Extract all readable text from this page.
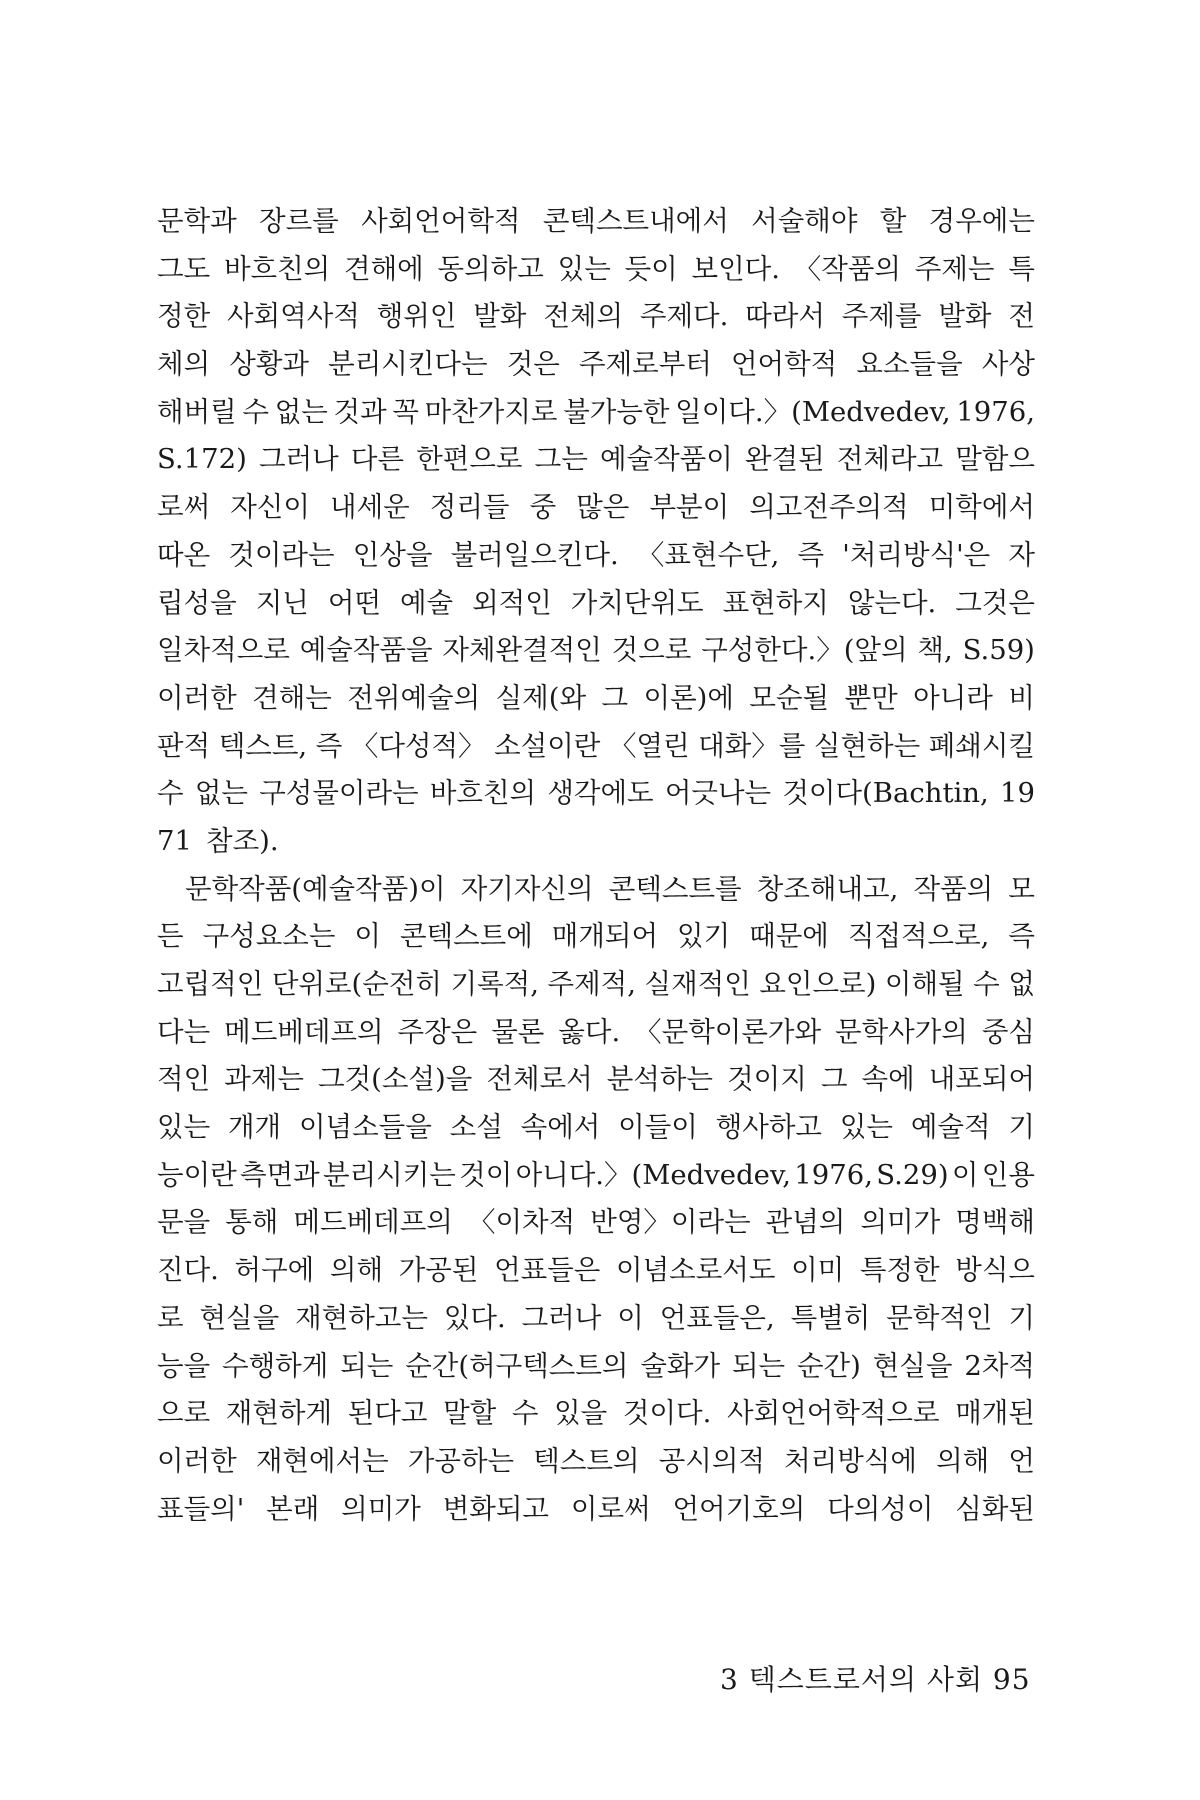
문학과 장르를 사회언어학적 콘텍스트내에서 서술해야 할 경우에는
그도 바흐친의 견해에 동의하고 있는 듯이 보인다. 〈작품의 주제는 특
정한 사회역사적 행위인 발화 전체의 주제다. 따라서 주제를 발화 전
체의 상황과 분리시킨다는 것은 주제로부터 언어학적 요소들을 사상
해버릴 수 없는 것과 꼭 마찬가지로 불가능한 일이다.〉(Medvedev, 1976,
S.172) 그러나 다른 한편으로 그는 예술작품이 완결된 전체라고 말함으
로써 자신이 내세운 정리들 중 많은 부분이 의고전주의적 미학에서
따온 것이라는 인상을 불러일으킨다. 〈표현수단, 즉 '처리방식'은 자
립성을 지닌 어떤 예술 외적인 가치단위도 표현하지 않는다. 그것은
일차적으로 예술작품을 자체완결적인 것으로 구성한다.〉(앞의 책, S.59)
이러한 견해는 전위예술의 실제(와 그 이론)에 모순될 뿐만 아니라 비
판적 텍스트, 즉 〈다성적〉 소설이란 〈열린 대화〉를 실현하는 폐쇄시킬
수 없는 구성물이라는 바흐친의 생각에도 어긋나는 것이다(Bachtin, 19
71 참조).
문학작품(예술작품)이 자기자신의 콘텍스트를 창조해내고, 작품의 모
든 구성요소는 이 콘텍스트에 매개되어 있기 때문에 직접적으로, 즉
고립적인 단위로(순전히 기록적, 주제적, 실재적인 요인으로) 이해될 수 없
다는 메드베데프의 주장은 물론 옳다. 〈문학이론가와 문학사가의 중심
적인 과제는 그것(소설)을 전체로서 분석하는 것이지 그 속에 내포되어
있는 개개 이념소들을 소설 속에서 이들이 행사하고 있는 예술적 기
능이란 측면과 분리시키는 것이 아니다.〉(Medvedev, 1976, S.29) 이 인용
문을 통해 메드베데프의 〈이차적 반영〉이라는 관념의 의미가 명백해
진다. 허구에 의해 가공된 언표들은 이념소로서도 이미 특정한 방식으
로 현실을 재현하고는 있다. 그러나 이 언표들은, 특별히 문학적인 기
능을 수행하게 되는 순간(허구텍스트의 술화가 되는 순간) 현실을 2차적
으로 재현하게 된다고 말할 수 있을 것이다. 사회언어학적으로 매개된
이러한 재현에서는 가공하는 텍스트의 공시의적 처리방식에 의해 언
표들의' 본래 의미가 변화되고 이로써 언어기호의 다의성이 심화된
3 텍스트로서의 사회 95
